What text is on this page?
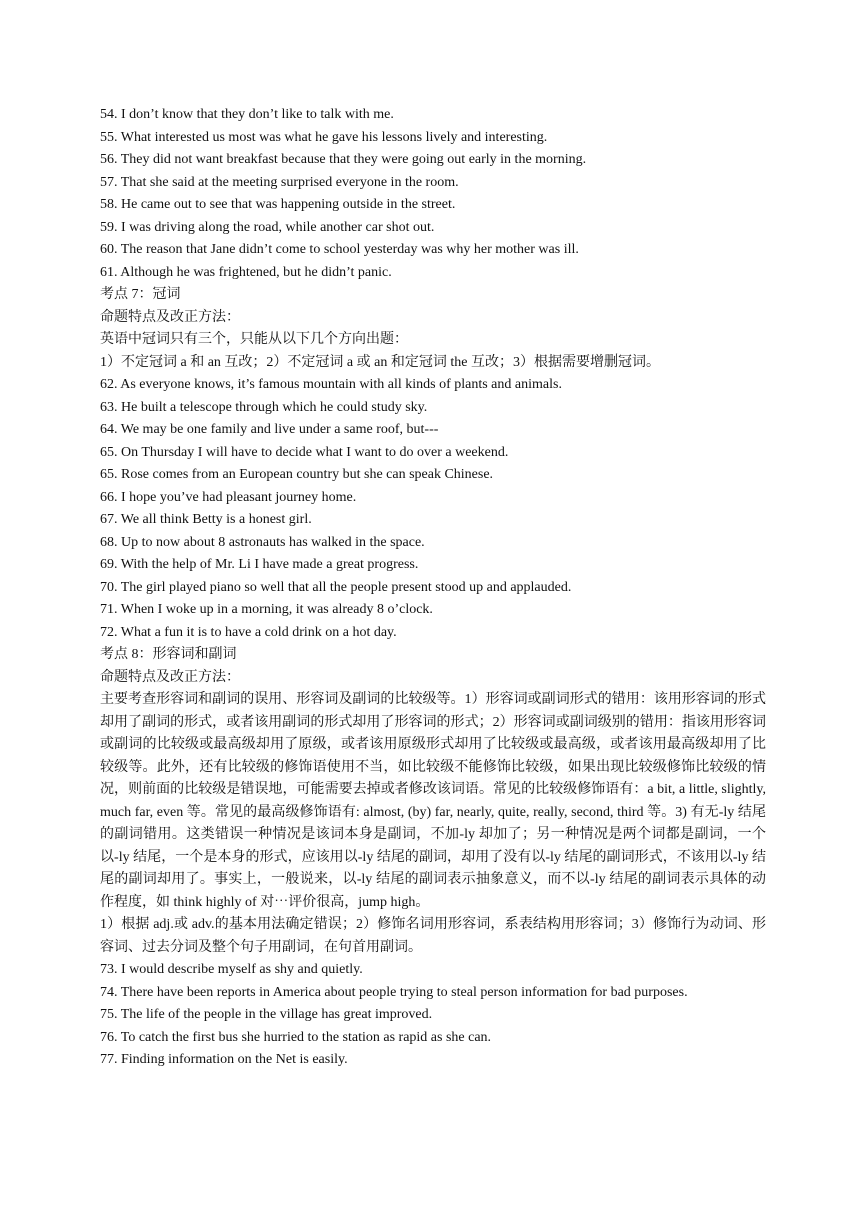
54. I don’t know that they don’t like to talk with me.

55. What interested us most was what he gave his lessons lively and interesting.

56. They did not want breakfast because that they were going out early in the morning.

57. That she said at the meeting surprised everyone in the room.

58. He came out to see that was happening outside in the street.

59. I was driving along the road, while another car shot out.

60. The reason that Jane didn’t come to school yesterday was why her mother was ill.

61. Although he was frightened, but he didn’t panic.

考点 7：冠词

命题特点及改正方法：

英语中冠词只有三个，只能从以下几个方向出题：

1）不定冠词 a 和 an 互改；2）不定冠词 a 或 an 和定冠词 the 互改；3）根据需要增删冠词。

62. As everyone knows, it’s famous mountain with all kinds of plants and animals.

63. He built a telescope through which he could study sky.

64. We may be one family and live under a same roof, but---

65. On Thursday I will have to decide what I want to do over a weekend.

65. Rose comes from an European country but she can speak Chinese.

66. I hope you’ve had pleasant journey home.

67. We all think Betty is a honest girl.

68. Up to now about 8 astronauts has walked in the space.

69. With the help of Mr. Li I have made a great progress.

70. The girl played piano so well that all the people present stood up and applauded.

71. When I woke up in a morning, it was already 8 o’clock.

72. What a fun it is to have a cold drink on a hot day.

考点 8：形容词和副词

命题特点及改正方法：

主要考查形容词和副词的误用、形容词及副词的比较级等。1）形容词或副词形式的错用：该用形容词的形式却用了副词的形式，或者该用副词的形式却用了形容词的形式；2）形容词或副词级别的错用：指该用形容词或副词的比较级或最高级却用了原级，或者该用原级形式却用了比较级或最高级，或者该用最高级却用了比较级等。此外，还有比较级的修饰语使用不当，如比较级不能修饰比较级，如果出现比较级修饰比较级的情况，则前面的比较级是错误地，可能需要去掉或者修改该词语。常见的比较级修饰语有：a bit, a little, slightly, much far, even 等。常见的最高级修饰语有: almost, (by) far, nearly, quite, really, second, third 等。3) 有无-ly 结尾的副词错用。这类错误一种情况是该词本身是副词，不加-ly 却加了；另一种情况是两个词都是副词，一个以-ly 结尾，一个是本身的形式，应该用以-ly 结尾的副词，却用了没有以-ly 结尾的副词形式，不该用以-ly 结尾的副词却用了。事实上，一般说来，以-ly 结尾的副词表示抽象意义，而不以-ly 结尾的副词表示具体的动作程度，如 think highly of 对⋯评价很高，jump high。

1）根据 adj.或 adv.的基本用法确定错误；2）修饰名词用形容词，系表结构用形容词；3）修饰行为动词、形容词、过去分词及整个句子用副词，在句首用副词。

73. I would describe myself as shy and quietly.

74. There have been reports in America about people trying to steal person information for bad purposes.

75. The life of the people in the village has great improved.

76. To catch the first bus she hurried to the station as rapid as she can.

77. Finding information on the Net is easily.
